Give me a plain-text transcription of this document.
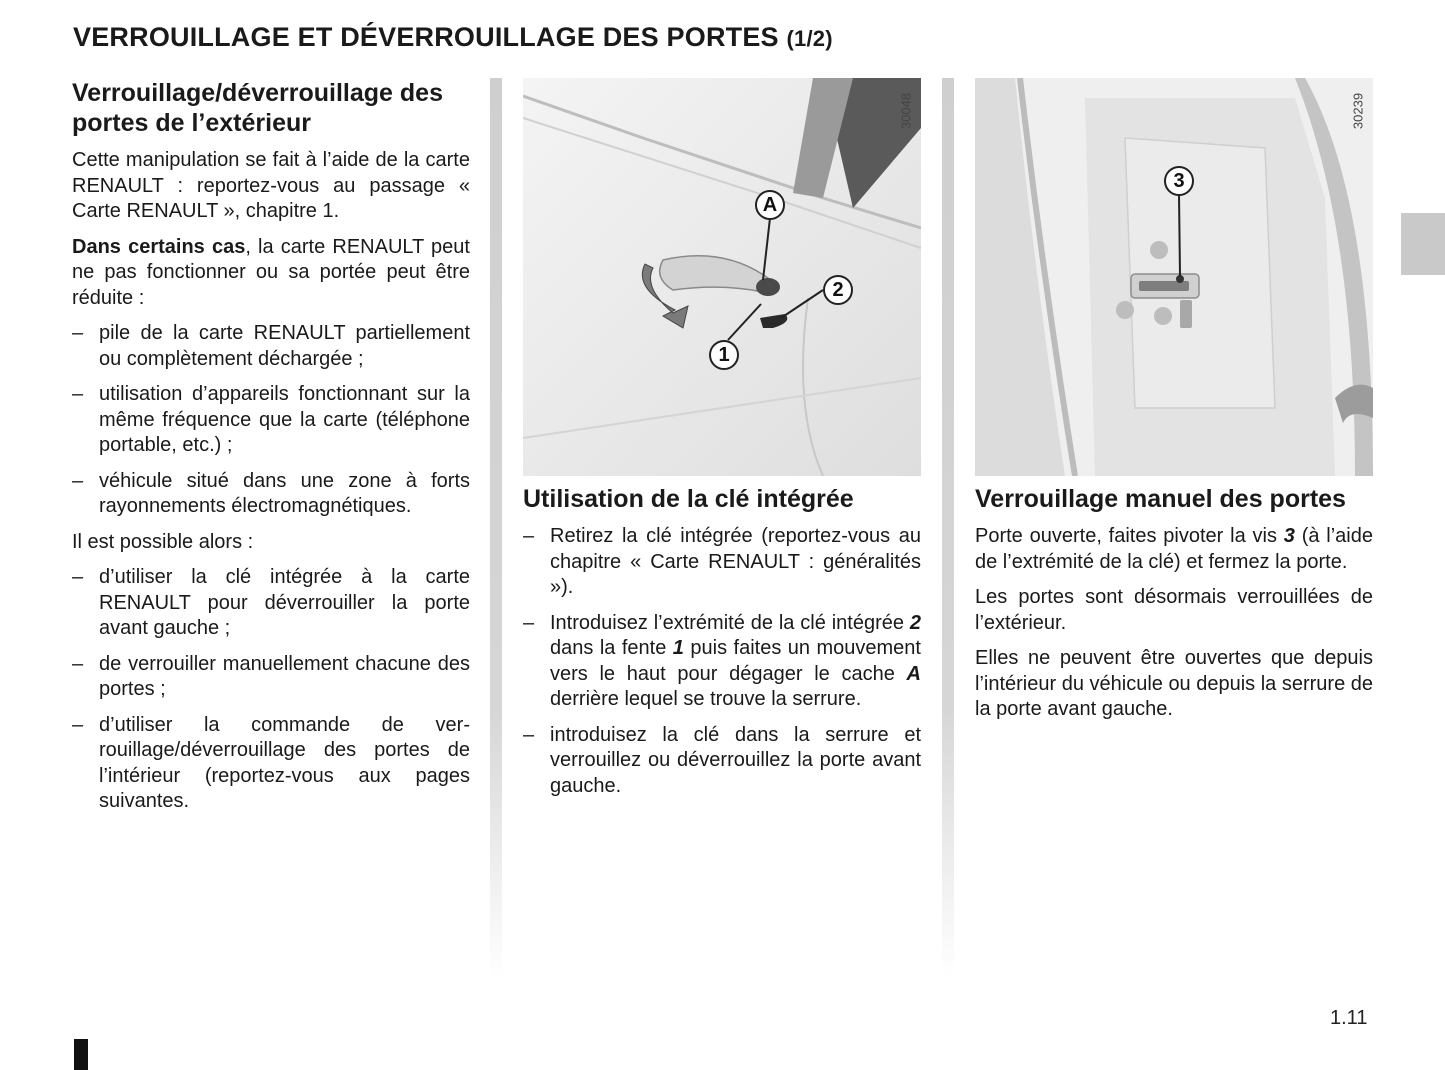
VERROUILLAGE ET DÉVERROUILLAGE DES PORTES (1/2)
Verrouillage/déverrouillage des portes de l’extérieur

Cette manipulation se fait à l’aide de la carte RENAULT : reportez-vous au passage « Carte RENAULT », chapitre 1.

Dans certains cas, la carte RENAULT peut ne pas fonctionner ou sa portée peut être réduite :

– pile de la carte RENAULT partiellement ou complètement déchargée ;
– utilisation d’appareils fonctionnant sur la même fréquence que la carte (téléphone portable, etc.) ;
– véhicule situé dans une zone à forts rayonnements électromagnétiques.

Il est possible alors :

– d’utiliser la clé intégrée à la carte RENAULT pour déverrouiller la porte avant gauche ;
– de verrouiller manuellement chacune des portes ;
– d’utiliser la commande de verrouillage/déverrouillage des portes de l’intérieur (reportez-vous aux pages suivantes.
30048
A
2
1
Utilisation de la clé intégrée
– Retirez la clé intégrée (reportez-vous au chapitre « Carte RENAULT : généralités »).
– Introduisez l’extrémité de la clé intégrée 2 dans la fente 1 puis faites un mouvement vers le haut pour dégager le cache A derrière lequel se trouve la serrure.
– introduisez la clé dans la serrure et verrouillez ou déverrouillez la porte avant gauche.
30239
3
Verrouillage manuel des portes

Porte ouverte, faites pivoter la vis 3 (à l’aide de l’extrémité de la clé) et fermez la porte.

Les portes sont désormais verrouillées de l’extérieur.

Elles ne peuvent être ouvertes que depuis l’intérieur du véhicule ou depuis la serrure de la porte avant gauche.

1.11
